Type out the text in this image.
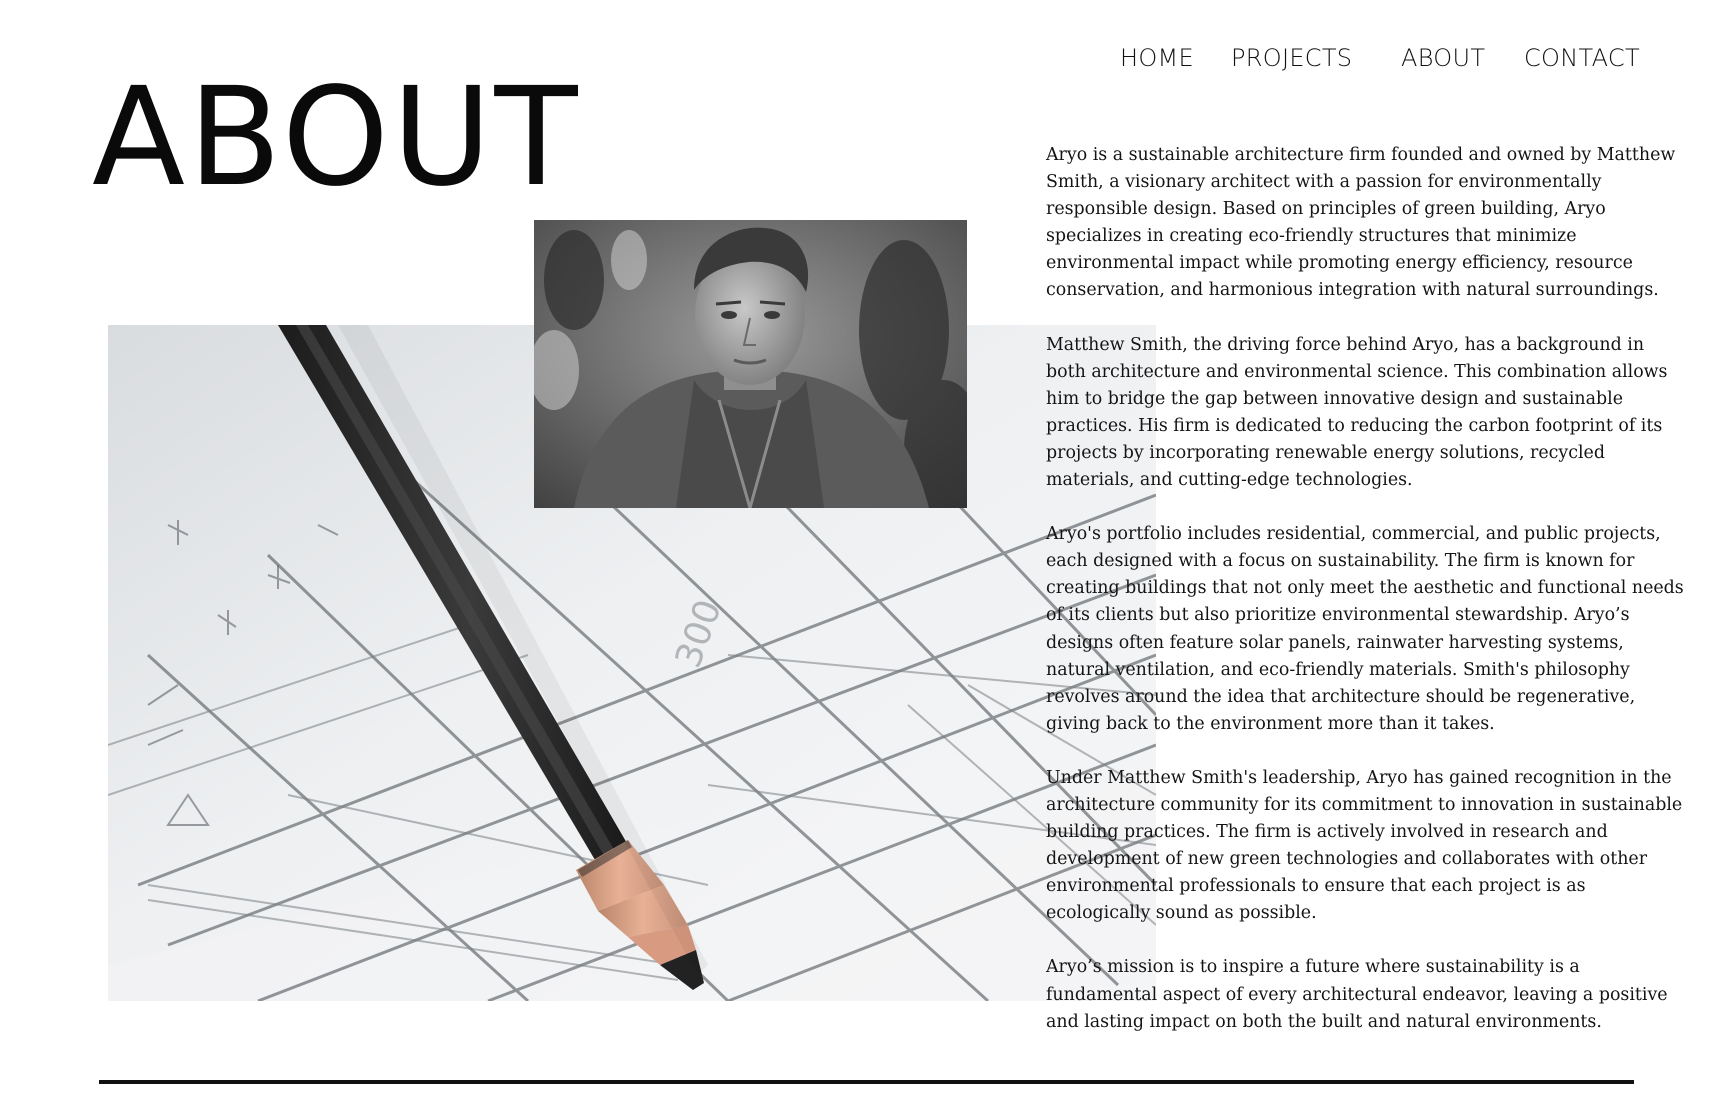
HOME PROJECTS ABOUT CONTACT
ABOUT
300

Aryo is a sustainable architecture firm founded and owned by Matthew Smith, a visionary architect with a passion for environmentally responsible design. Based on principles of green building, Aryo specializes in creating eco-friendly structures that minimize environmental impact while promoting energy efficiency, resource conservation, and harmonious integration with natural surroundings.

Matthew Smith, the driving force behind Aryo, has a background in both architecture and environmental science. This combination allows him to bridge the gap between innovative design and sustainable practices. His firm is dedicated to reducing the carbon footprint of its projects by incorporating renewable energy solutions, recycled materials, and cutting-edge technologies.

Aryo's portfolio includes residential, commercial, and public projects, each designed with a focus on sustainability. The firm is known for creating buildings that not only meet the aesthetic and functional needs of its clients but also prioritize environmental stewardship. Aryo’s designs often feature solar panels, rainwater harvesting systems, natural ventilation, and eco-friendly materials. Smith's philosophy revolves around the idea that architecture should be regenerative, giving back to the environment more than it takes.

Under Matthew Smith's leadership, Aryo has gained recognition in the architecture community for its commitment to innovation in sustainable building practices. The firm is actively involved in research and development of new green technologies and collaborates with other environmental professionals to ensure that each project is as ecologically sound as possible.

Aryo’s mission is to inspire a future where sustainability is a fundamental aspect of every architectural endeavor, leaving a positive and lasting impact on both the built and natural environments.
